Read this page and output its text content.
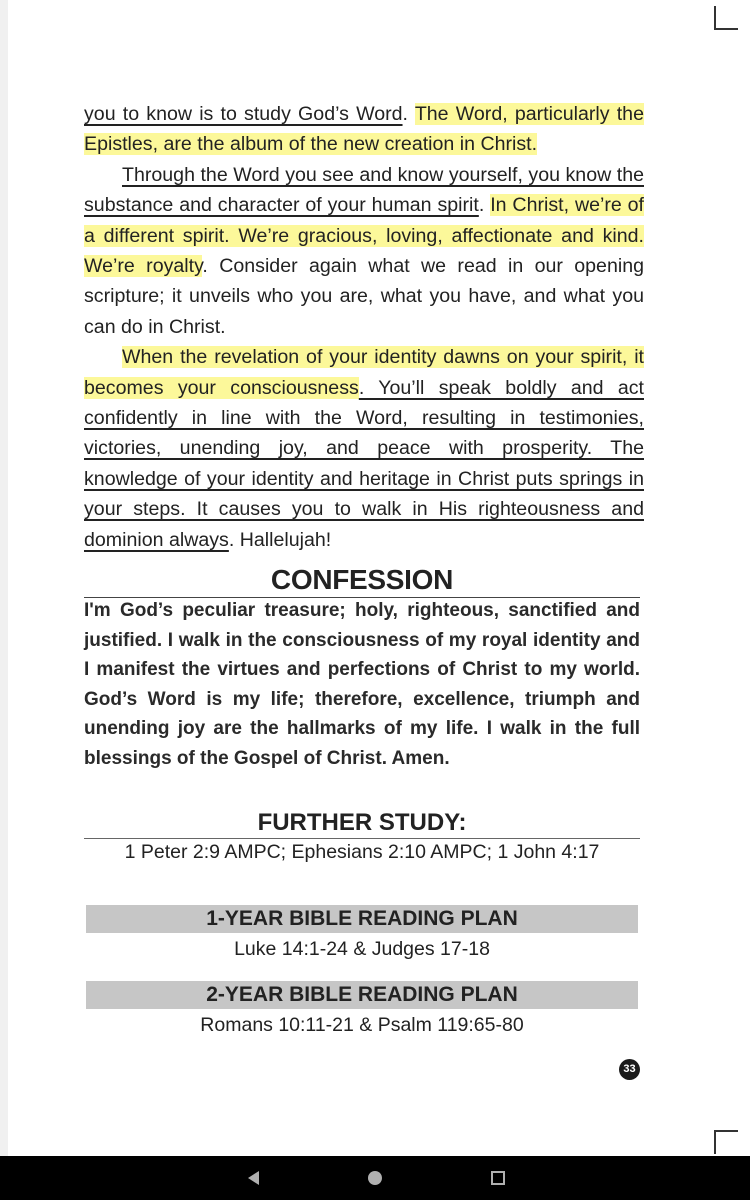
you to know is to study God’s Word. The Word, particularly the Epistles, are the album of the new creation in Christ.

Through the Word you see and know yourself, you know the substance and character of your human spirit. In Christ, we’re of a different spirit. We’re gracious, loving, affectionate and kind. We’re royalty. Consider again what we read in our opening scripture; it unveils who you are, what you have, and what you can do in Christ.

When the revelation of your identity dawns on your spirit, it becomes your consciousness. You’ll speak boldly and act confidently in line with the Word, resulting in testimonies, victories, unending joy, and peace with prosperity. The knowledge of your identity and heritage in Christ puts springs in your steps. It causes you to walk in His righteousness and dominion always. Hallelujah!

CONFESSION
I'm God’s peculiar treasure; holy, righteous, sanctified and justified. I walk in the consciousness of my royal identity and I manifest the virtues and perfections of Christ to my world. God’s Word is my life; therefore, excellence, triumph and unending joy are the hallmarks of my life. I walk in the full blessings of the Gospel of Christ. Amen.
FURTHER STUDY:
1 Peter 2:9 AMPC; Ephesians 2:10 AMPC; 1 John 4:17
1-YEAR BIBLE READING PLAN
Luke 14:1-24 & Judges 17-18
2-YEAR BIBLE READING PLAN
Romans 10:11-21 & Psalm 119:65-80
33
